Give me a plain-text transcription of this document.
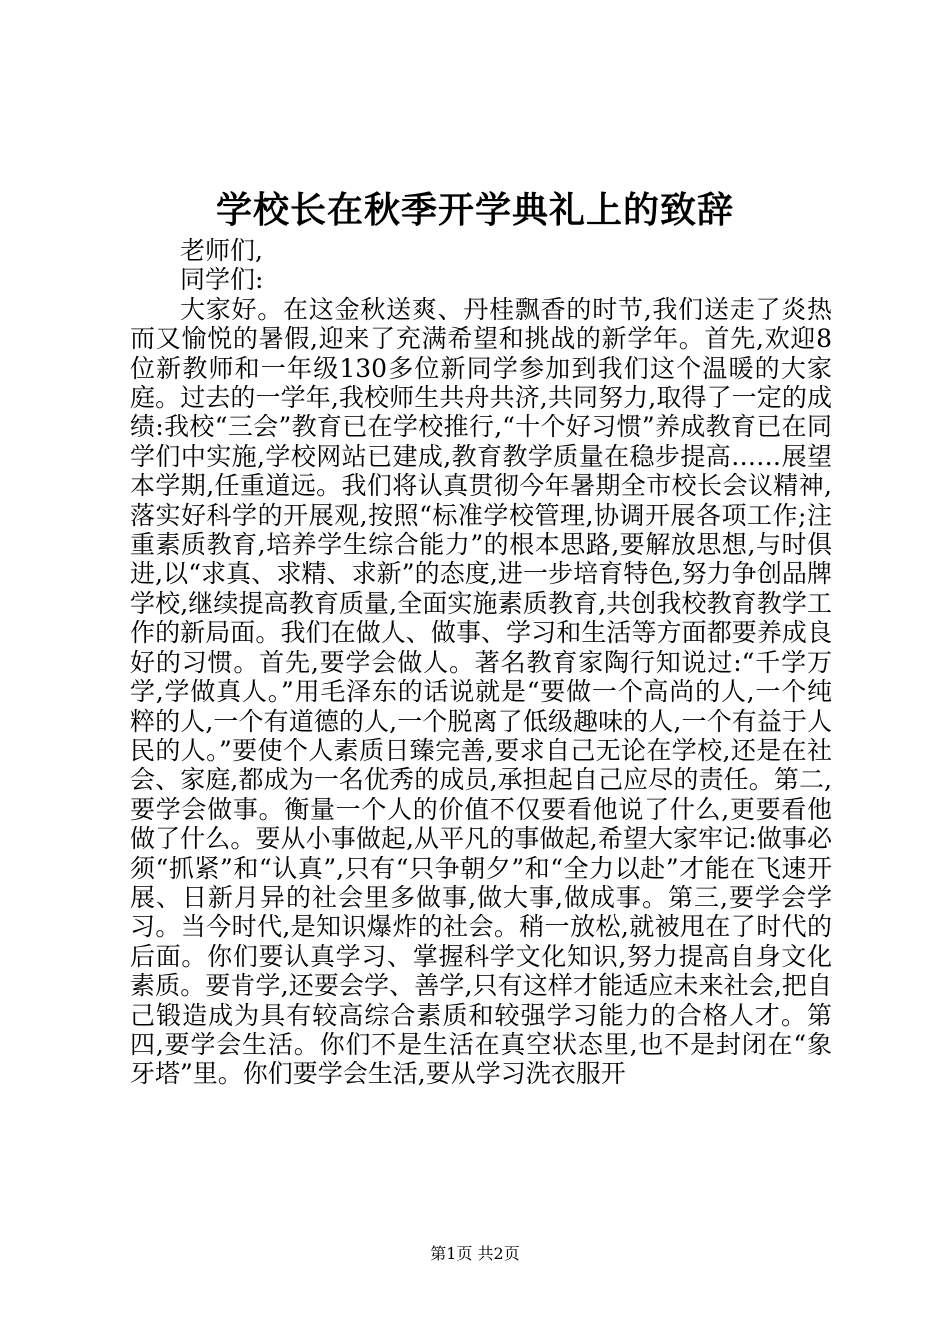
学校长在秋季开学典礼上的致辞

老师们,

同学们:

大家好。在这金秋送爽、丹桂飘香的时节,我们送走了炎热而又愉悦的暑假,迎来了充满希望和挑战的新学年。首先,欢迎8位新教师和一年级130多位新同学参加到我们这个温暖的大家庭。过去的一学年,我校师生共舟共济,共同努力,取得了一定的成绩:我校“三会”教育已在学校推行,“十个好习惯”养成教育已在同学们中实施,学校网站已建成,教育教学质量在稳步提高……展望本学期,任重道远。我们将认真贯彻今年暑期全市校长会议精神,落实好科学的开展观,按照“标准学校管理,协调开展各项工作;注重素质教育,培养学生综合能力”的根本思路,要解放思想,与时俱进,以“求真、求精、求新”的态度,进一步培育特色,努力争创品牌学校,继续提高教育质量,全面实施素质教育,共创我校教育教学工作的新局面。我们在做人、做事、学习和生活等方面都要养成良好的习惯。首先,要学会做人。著名教育家陶行知说过:“千学万学,学做真人。”用毛泽东的话说就是“要做一个高尚的人,一个纯粹的人,一个有道德的人,一个脱离了低级趣味的人,一个有益于人民的人。”要使个人素质日臻完善,要求自己无论在学校,还是在社会、家庭,都成为一名优秀的成员,承担起自己应尽的责任。第二,要学会做事。衡量一个人的价值不仅要看他说了什么,更要看他做了什么。要从小事做起,从平凡的事做起,希望大家牢记:做事必须“抓紧”和“认真”,只有“只争朝夕”和“全力以赴”才能在飞速开展、日新月异的社会里多做事,做大事,做成事。第三,要学会学习。当今时代,是知识爆炸的社会。稍一放松,就被甩在了时代的后面。你们要认真学习、掌握科学文化知识,努力提高自身文化素质。要肯学,还要会学、善学,只有这样才能适应未来社会,把自己锻造成为具有较高综合素质和较强学习能力的合格人才。第四,要学会生活。你们不是生活在真空状态里,也不是封闭在“象牙塔”里。你们要学会生活,要从学习洗衣服开

第1页 共2页
